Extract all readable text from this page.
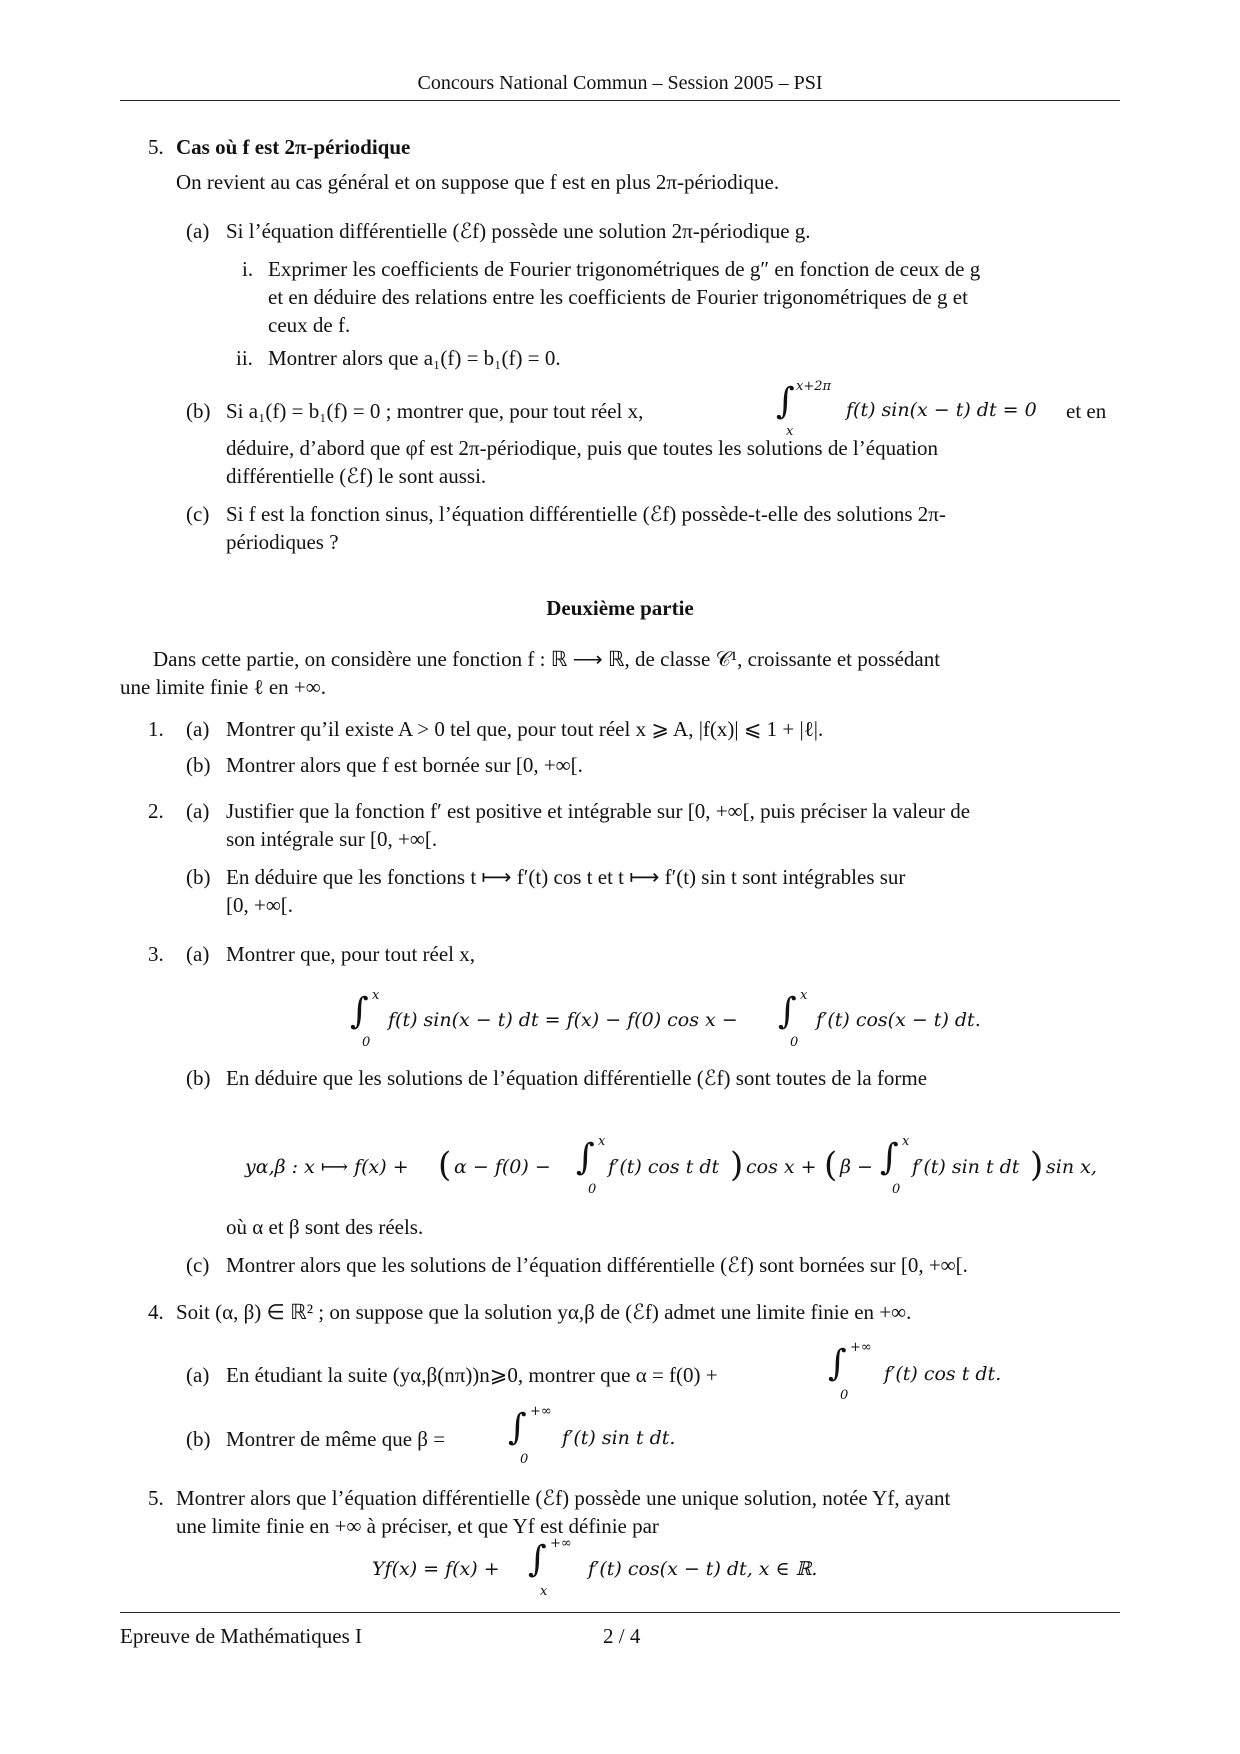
Concours National Commun – Session 2005 – PSI
5. Cas où f est 2π-périodique
On revient au cas général et on suppose que f est en plus 2π-périodique.
(a) Si l’équation différentielle (ℰf) possède une solution 2π-périodique g.
i. Exprimer les coefficients de Fourier trigonométriques de g″ en fonction de ceux de g
et en déduire des relations entre les coefficients de Fourier trigonométriques de g et
ceux de f.
ii. Montrer alors que a₁(f) = b₁(f) = 0.
(b) Si a₁(f) = b₁(f) = 0 ; montrer que, pour tout réel x,	∫ x+2π
x
f(t) sin(x − t) dt = 0 et en
déduire, d’abord que φf est 2π-périodique, puis que toutes les solutions de l’équation
différentielle (ℰf) le sont aussi.
(c) Si f est la fonction sinus, l’équation différentielle (ℰf) possède-t-elle des solutions 2π-
périodiques ?
Deuxième partie
Dans cette partie, on considère une fonction f : ℝ ⟶ ℝ, de classe 𝒞¹, croissante et possédant
une limite finie ℓ en +∞.
1. (a) Montrer qu’il existe A > 0 tel que, pour tout réel x ⩾ A, |f(x)| ⩽ 1 + |ℓ|.
(b) Montrer alors que f est bornée sur [0, +∞[.
2. (a) Justifier que la fonction f′ est positive et intégrable sur [0, +∞[, puis préciser la valeur de
son intégrale sur [0, +∞[.
(b) En déduire que les fonctions t ⟼ f′(t) cos t et t ⟼ f′(t) sin t sont intégrables sur
[0, +∞[.
3. (a) Montrer que, pour tout réel x,
∫ x
0
f(t) sin(x − t) dt = f(x) − f(0) cos x − ∫ x
0
f′(t) cos(x − t) dt.
(b) En déduire que les solutions de l’équation différentielle (ℰf) sont toutes de la forme
yα,β : x ⟼ f(x) + ( α − f(0) − ∫ x
0
f′(t) cos t dt ) cos x + ( β − ∫ x
0
f′(t) sin t dt ) sin x,
où α et β sont des réels.
(c) Montrer alors que les solutions de l’équation différentielle (ℰf) sont bornées sur [0, +∞[.
4. Soit (α, β) ∈ ℝ² ; on suppose que la solution yα,β de (ℰf) admet une limite finie en +∞.
(a) En étudiant la suite (yα,β(nπ))n⩾0, montrer que α = f(0) +	∫ +∞
0
f′(t) cos t dt.
(b) Montrer de même que β = ∫ +∞
0
f′(t) sin t dt.
5. Montrer alors que l’équation différentielle (ℰf) possède une unique solution, notée Yf, ayant
une limite finie en +∞ à préciser, et que Yf est définie par
Yf(x) = f(x) + ∫ +∞
x
f′(t) cos(x − t) dt, x ∈ ℝ.
Epreuve de Mathématiques I	2 / 4
